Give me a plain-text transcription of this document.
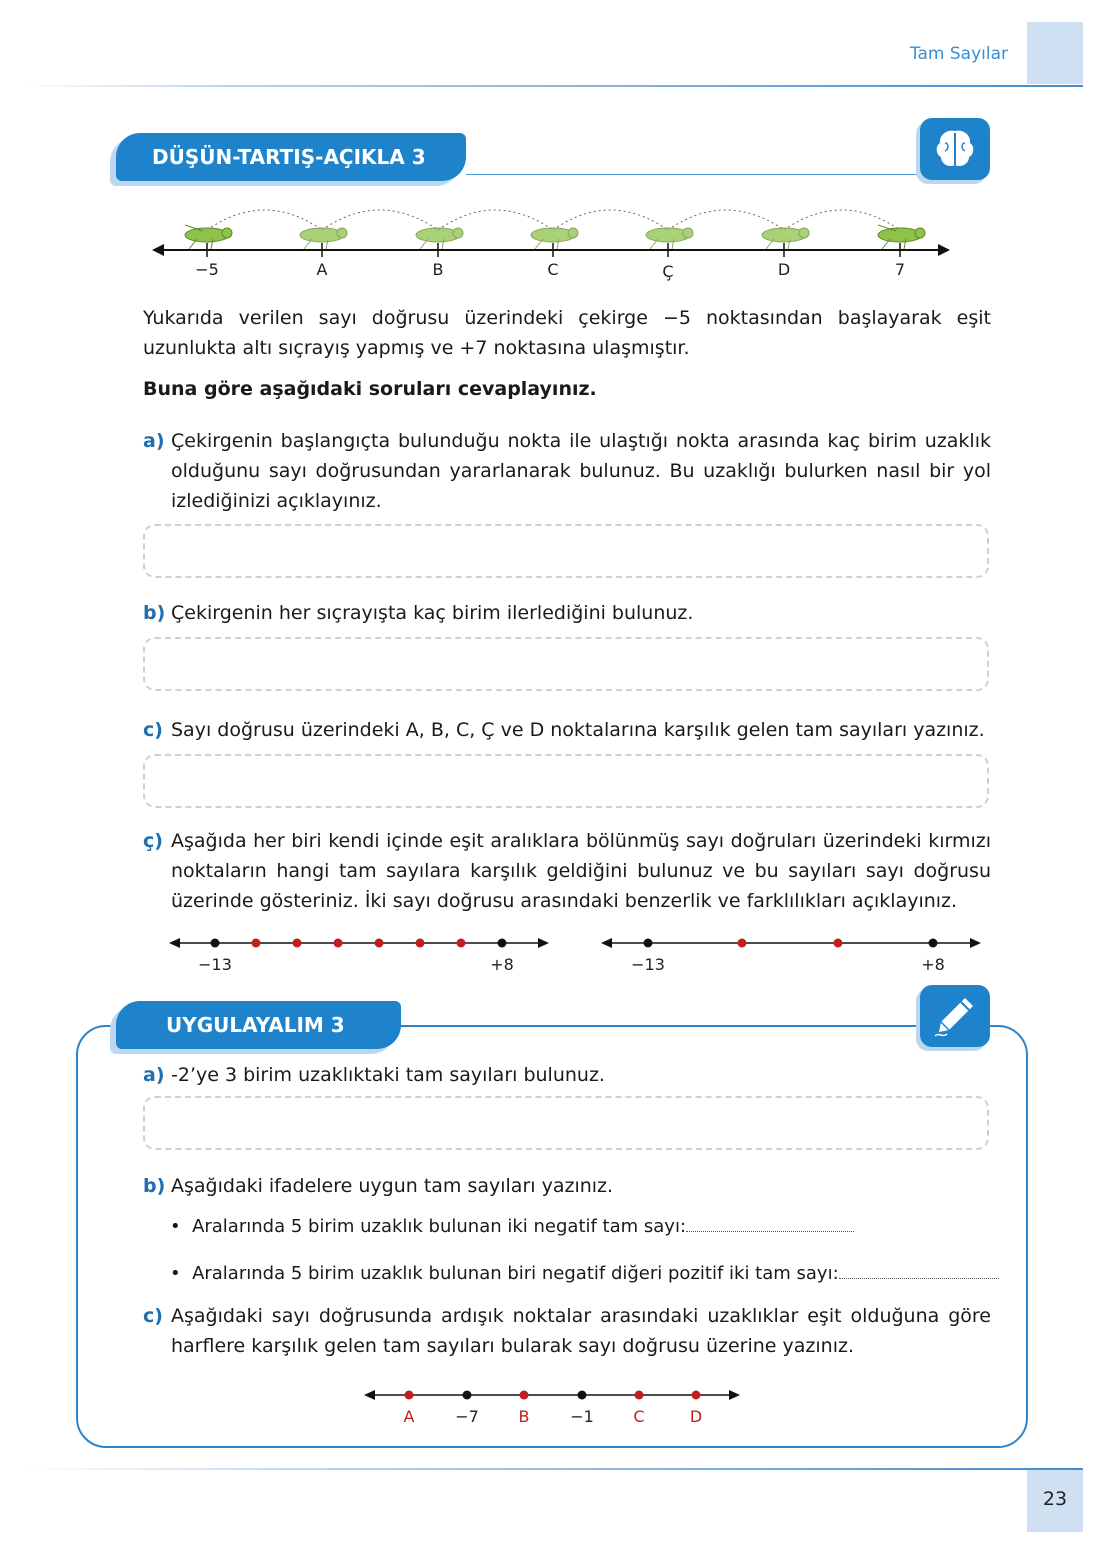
Tam Sayılar
DÜŞÜN-TARTIŞ-AÇIKLA 3
−5	A	B	C	Ç	D	7
Yukarıda verilen sayı doğrusu üzerindeki çekirge −5 noktasından başlayarak eşit uzunlukta altı sıçrayış yapmış ve +7 noktasına ulaşmıştır.
Buna göre aşağıdaki soruları cevaplayınız.
a) Çekirgenin başlangıçta bulunduğu nokta ile ulaştığı nokta arasında kaç birim uzaklık olduğunu sayı doğrusundan yararlanarak bulunuz. Bu uzaklığı bulurken nasıl bir yol izlediğinizi açıklayınız.
b) Çekirgenin her sıçrayışta kaç birim ilerlediğini bulunuz.
c) Sayı doğrusu üzerindeki A, B, C, Ç ve D noktalarına karşılık gelen tam sayıları yazınız.
ç) Aşağıda her biri kendi içinde eşit aralıklara bölünmüş sayı doğruları üzerindeki kırmızı noktaların hangi tam sayılara karşılık geldiğini bulunuz ve bu sayıları sayı doğrusu üzerinde gösteriniz. İki sayı doğrusu arasındaki benzerlik ve farklılıkları açıklayınız.
−13	+8	−13	+8
UYGULAYALIM 3
a) -2’ye 3 birim uzaklıktaki tam sayıları bulunuz.
b) Aşağıdaki ifadelere uygun tam sayıları yazınız.
•  Aralarında 5 birim uzaklık bulunan iki negatif tam sayı:
•  Aralarında 5 birim uzaklık bulunan biri negatif diğeri pozitif iki tam sayı:
c) Aşağıdaki sayı doğrusunda ardışık noktalar arasındaki uzaklıklar eşit olduğuna göre harflere karşılık gelen tam sayıları bularak sayı doğrusu üzerine yazınız.
A	−7 B	−1 C	D
23
